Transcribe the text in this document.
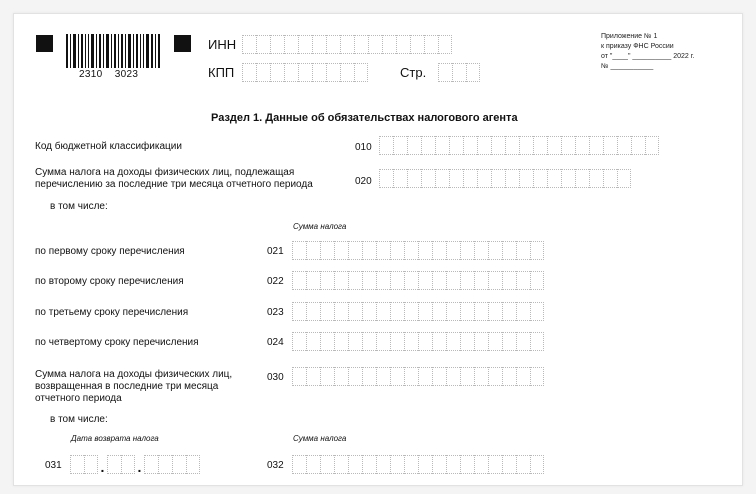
2310    3023
ИНН
КПП	Стр.
Приложение № 1
к приказу ФНС России
от "____" __________ 2022 г.
№ ___________
Раздел 1. Данные об обязательствах налогового агента
Код бюджетной классификации	010
Сумма налога на доходы физических лиц, подлежащая
перечислению за последние три месяца отчетного периода	020
в том числе:
Сумма налога
по первому сроку перечисления	021
по второму сроку перечисления	022
по третьему сроку перечисления	023
по четвертому сроку перечисления	024
Сумма налога на доходы физических лиц,
возвращенная в последние три месяца
отчетного периода
030
в том числе:
Дата возврата налога	Сумма налога
031	. .	032
